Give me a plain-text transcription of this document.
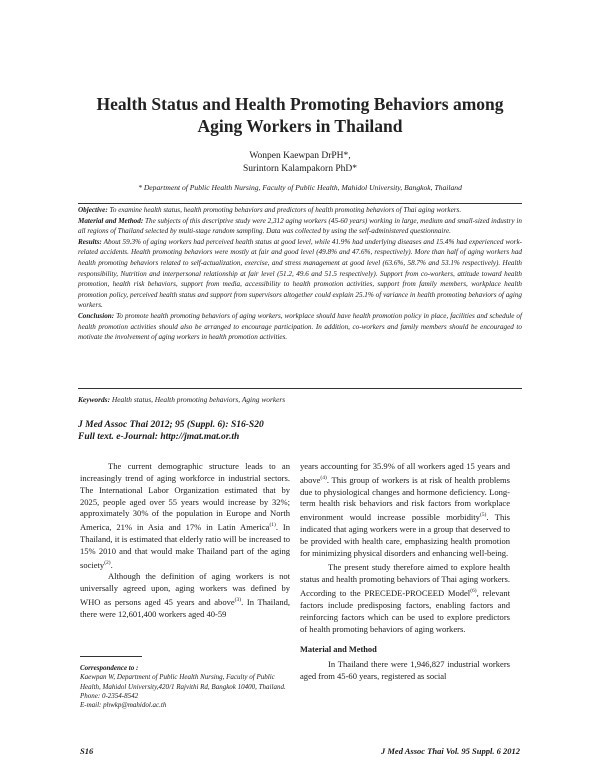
Health Status and Health Promoting Behaviors among
Aging Workers in Thailand
Wonpen Kaewpan DrPH*,
Surintorn Kalampakorn PhD*
* Department of Public Health Nursing, Faculty of Public Health, Mahidol University, Bangkok, Thailand

Objective: To examine health status, health promoting behaviors and predictors of health promoting behaviors of Thai aging workers.

Material and Method: The subjects of this descriptive study were 2,312 aging workers (45-60 years) working in large, medium and small-sized industry in all regions of Thailand selected by multi-stage random sampling. Data was collected by using the self-administered questionnaire.

Results: About 59.3% of aging workers had perceived health status at good level, while 41.9% had underlying diseases and 15.4% had experienced work-related accidents. Health promoting behaviors were mostly at fair and good level (49.8% and 47.6%, respectively). More than half of aging workers had health promoting behaviors related to self-actualization, exercise, and stress management at good level (63.6%, 58.7% and 53.1% respectively). Health responsibility, Nutrition and interpersonal relationship at fair level (51.2, 49.6 and 51.5 respectively). Support from co-workers, attitude toward health promotion, health risk behaviors, support from media, accessibility to health promotion activities, support from family members, workplace health promotion policy, perceived health status and support from supervisors altogether could explain 25.1% of variance in health promoting behaviors of aging workers.

Conclusion: To promote health promoting behaviors of aging workers, workplace should have health promotion policy in place, facilities and schedule of health promotion activities should also be arranged to encourage participation. In addition, co-workers and family members should be encouraged to motivate the involvement of aging workers in health promotion activities.

Keywords: Health status, Health promoting behaviors, Aging workers
J Med Assoc Thai 2012; 95 (Suppl. 6): S16-S20
Full text. e-Journal: http://jmat.mat.or.th

The current demographic structure leads to an increasingly trend of aging workforce in industrial sectors. The International Labor Organization estimated that by 2025, people aged over 55 years would increase by 32%; approximately 30% of the population in Europe and North America, 21% in Asia and 17% in Latin America$^{(1)}$. In Thailand, it is estimated that elderly ratio will be increased to 15% 2010 and that would make Thailand part of the aging society$^{(2)}$.

Although the definition of aging workers is not universally agreed upon, aging workers was defined by WHO as persons aged 45 years and above$^{(3)}$. In Thailand, there were 12,601,400 workers aged 40-59

Correspondence to :
Kaewpan W, Department of Public Health Nursing, Faculty of Public Health, Mahidol University,420/1 Rajvithi Rd, Bangkok 10400, Thailand.
Phone: 0-2354-8542
E-mail: phwkp@mahidol.ac.th

years accounting for 35.9% of all workers aged 15 years and above$^{(4)}$. This group of workers is at risk of health problems due to physiological changes and hormone deficiency. Long-term health risk behaviors and risk factors from workplace environment would increase possible morbidity$^{(5)}$. This indicated that aging workers were in a group that deserved to be provided with health care, emphasizing health promotion for minimizing physical disorders and enhancing well-being.

The present study therefore aimed to explore health status and health promoting behaviors of Thai aging workers. According to the PRECEDE-PROCEED Model$^{(6)}$, relevant factors include predisposing factors, enabling factors and reinforcing factors which can be used to explore predictors of health promoting behaviors of aging workers.

Material and Method

In Thailand there were 1,946,827 industrial workers aged from 45-60 years, registered as social

S16	J Med Assoc Thai Vol. 95 Suppl. 6 2012
